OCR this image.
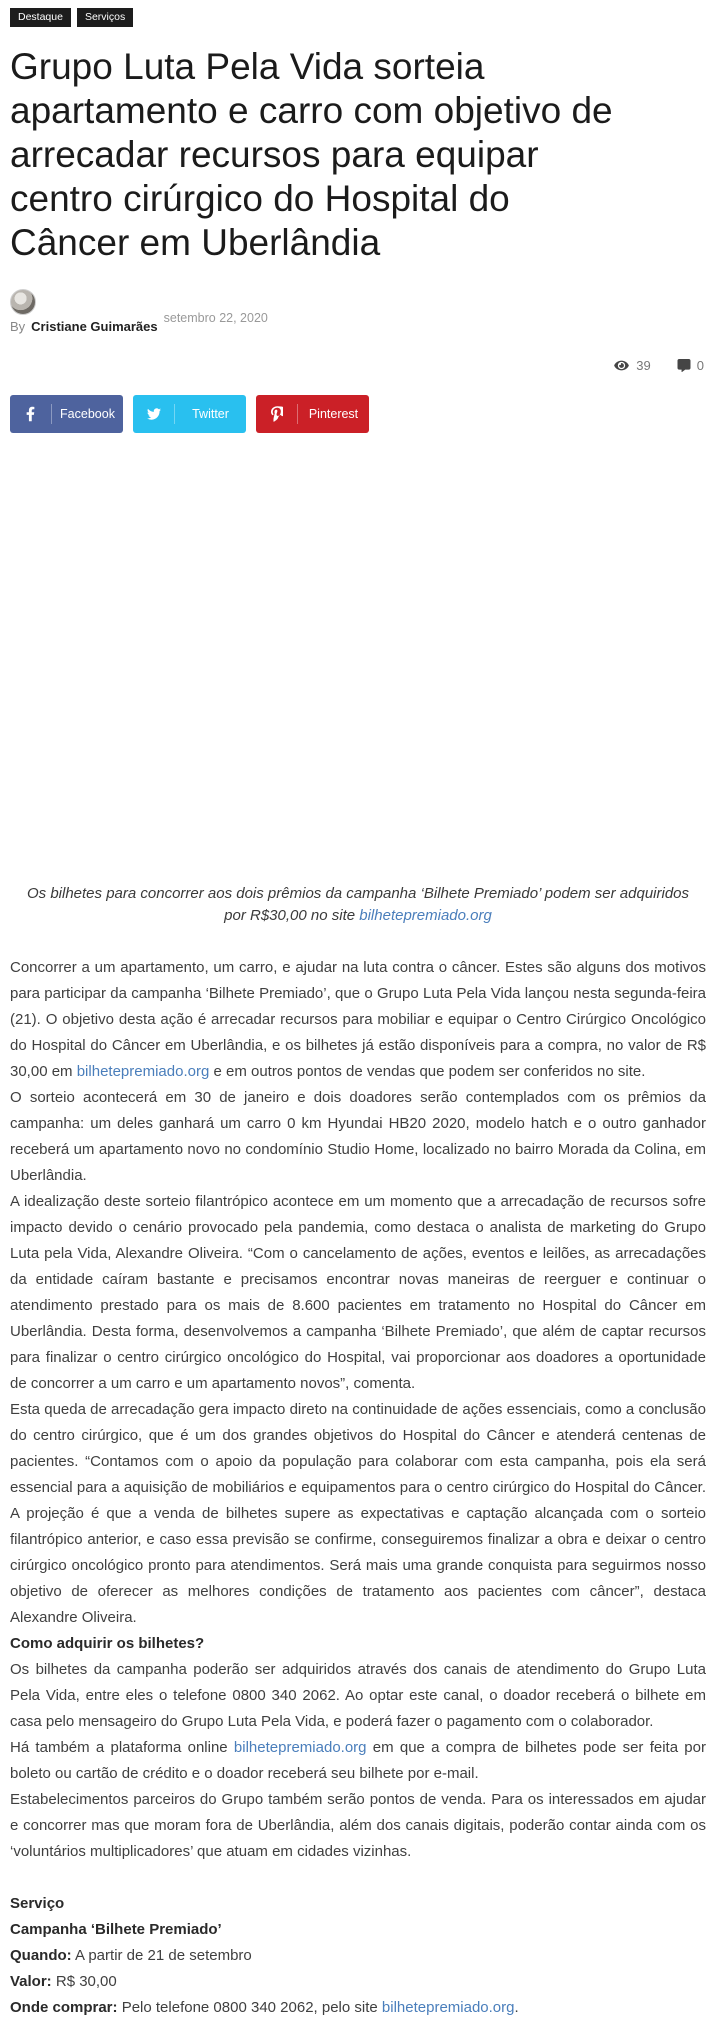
Destaque	Serviços
Grupo Luta Pela Vida sorteia apartamento e carro com objetivo de arrecadar recursos para equipar centro cirúrgico do Hospital do Câncer em Uberlândia
By Cristiane Guimarães
setembro 22, 2020
39	0
Facebook	Twitter	Pinterest

Os bilhetes para concorrer aos dois prêmios da campanha ‘Bilhete Premiado’ podem ser adquiridos por R$30,00 no site bilhetepremiado.org

Concorrer a um apartamento, um carro, e ajudar na luta contra o câncer. Estes são alguns dos motivos para participar da campanha ‘Bilhete Premiado’, que o Grupo Luta Pela Vida lançou nesta segunda-feira (21). O objetivo desta ação é arrecadar recursos para mobiliar e equipar o Centro Cirúrgico Oncológico do Hospital do Câncer em Uberlândia, e os bilhetes já estão disponíveis para a compra, no valor de R$ 30,00 em bilhetepremiado.org e em outros pontos de vendas que podem ser conferidos no site.

O sorteio acontecerá em 30 de janeiro e dois doadores serão contemplados com os prêmios da campanha: um deles ganhará um carro 0 km Hyundai HB20 2020, modelo hatch e o outro ganhador receberá um apartamento novo no condomínio Studio Home, localizado no bairro Morada da Colina, em Uberlândia.

A idealização deste sorteio filantrópico acontece em um momento que a arrecadação de recursos sofre impacto devido o cenário provocado pela pandemia, como destaca o analista de marketing do Grupo Luta pela Vida, Alexandre Oliveira. “Com o cancelamento de ações, eventos e leilões, as arrecadações da entidade caíram bastante e precisamos encontrar novas maneiras de reerguer e continuar o atendimento prestado para os mais de 8.600 pacientes em tratamento no Hospital do Câncer em Uberlândia. Desta forma, desenvolvemos a campanha ‘Bilhete Premiado’, que além de captar recursos para finalizar o centro cirúrgico oncológico do Hospital, vai proporcionar aos doadores a oportunidade de concorrer a um carro e um apartamento novos”, comenta.

Esta queda de arrecadação gera impacto direto na continuidade de ações essenciais, como a conclusão do centro cirúrgico, que é um dos grandes objetivos do Hospital do Câncer e atenderá centenas de pacientes. “Contamos com o apoio da população para colaborar com esta campanha, pois ela será essencial para a aquisição de mobiliários e equipamentos para o centro cirúrgico do Hospital do Câncer. A projeção é que a venda de bilhetes supere as expectativas e captação alcançada com o sorteio filantrópico anterior, e caso essa previsão se confirme, conseguiremos finalizar a obra e deixar o centro cirúrgico oncológico pronto para atendimentos. Será mais uma grande conquista para seguirmos nosso objetivo de oferecer as melhores condições de tratamento aos pacientes com câncer”, destaca Alexandre Oliveira.

Como adquirir os bilhetes?

Os bilhetes da campanha poderão ser adquiridos através dos canais de atendimento do Grupo Luta Pela Vida, entre eles o telefone 0800 340 2062. Ao optar este canal, o doador receberá o bilhete em casa pelo mensageiro do Grupo Luta Pela Vida, e poderá fazer o pagamento com o colaborador.

Há também a plataforma online bilhetepremiado.org em que a compra de bilhetes pode ser feita por boleto ou cartão de crédito e o doador receberá seu bilhete por e-mail.

Estabelecimentos parceiros do Grupo também serão pontos de venda. Para os interessados em ajudar e concorrer mas que moram fora de Uberlândia, além dos canais digitais, poderão contar ainda com os ‘voluntários multiplicadores’ que atuam em cidades vizinhas.

Serviço
Campanha ‘Bilhete Premiado’
Quando: A partir de 21 de setembro
Valor: R$ 30,00
Onde comprar: Pelo telefone 0800 340 2062, pelo site bilhetepremiado.org.
